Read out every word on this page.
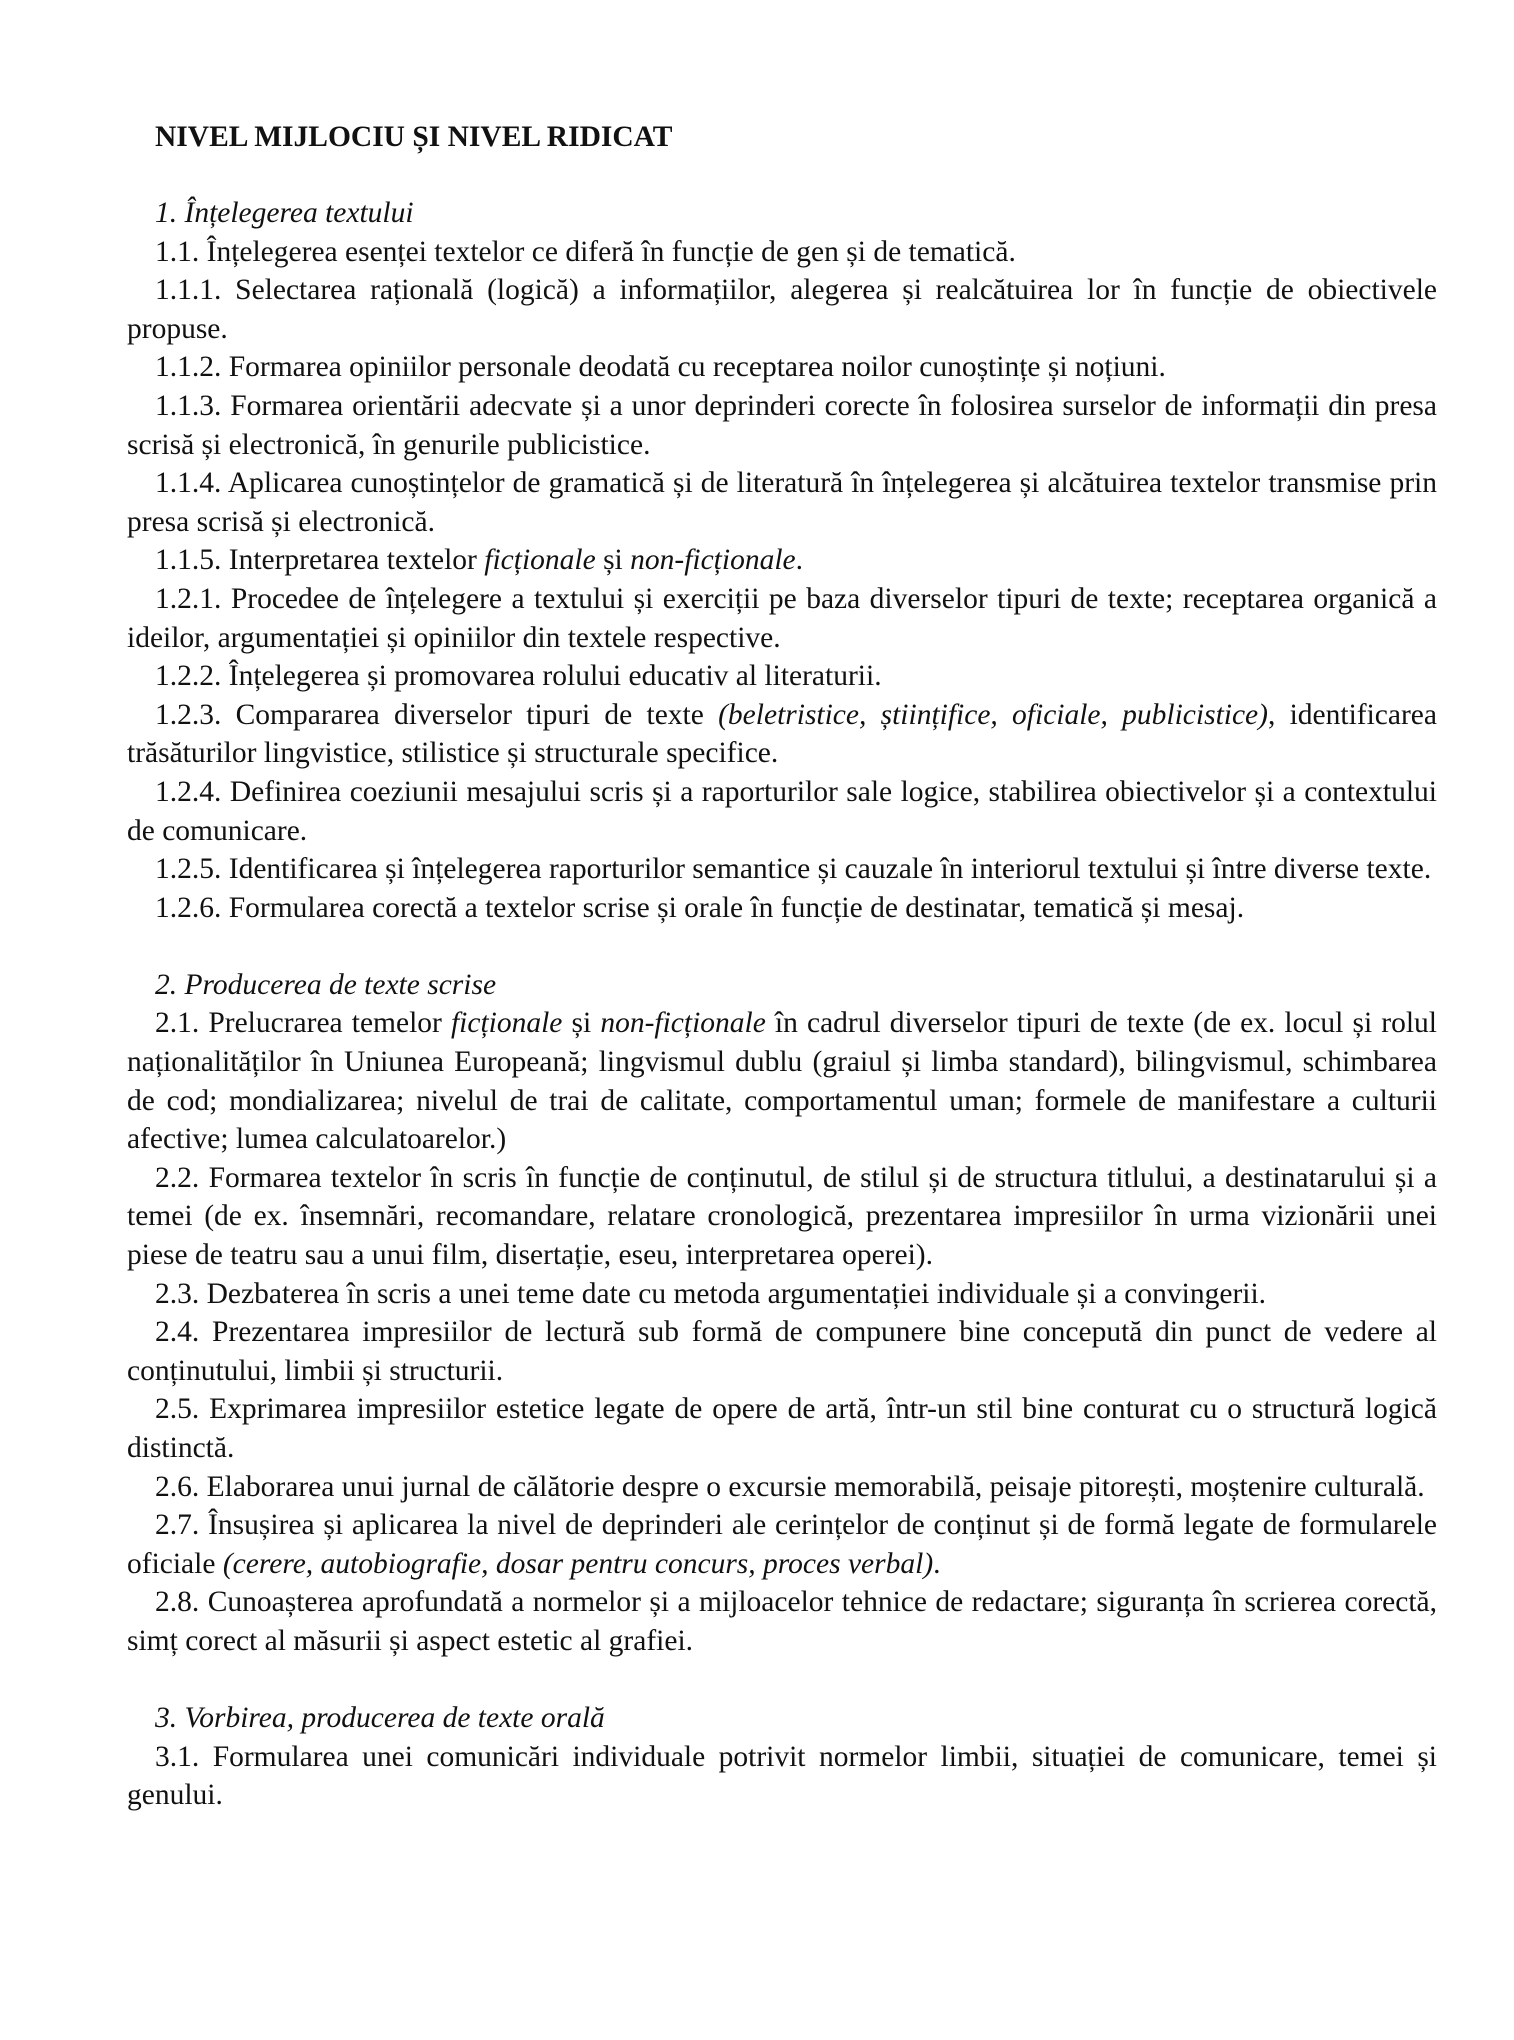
NIVEL MIJLOCIU ȘI NIVEL RIDICAT

1. Înțelegerea textului

1.1. Înțelegerea esenței textelor ce diferă în funcție de gen și de tematică.

1.1.1. Selectarea rațională (logică) a informațiilor, alegerea și realcătuirea lor în funcție de obiectivele propuse.

1.1.2. Formarea opiniilor personale deodată cu receptarea noilor cunoștințe și noțiuni.

1.1.3. Formarea orientării adecvate și a unor deprinderi corecte în folosirea surselor de informații din presa scrisă și electronică, în genurile publicistice.

1.1.4. Aplicarea cunoștințelor de gramatică și de literatură în înțelegerea și alcătuirea textelor transmise prin presa scrisă și electronică.

1.1.5. Interpretarea textelor ficționale și non-ficționale.

1.2.1. Procedee de înțelegere a textului și exerciții pe baza diverselor tipuri de texte; receptarea organică a ideilor, argumentației și opiniilor din textele respective.

1.2.2. Înțelegerea și promovarea rolului educativ al literaturii.

1.2.3. Compararea diverselor tipuri de texte (beletristice, științifice, oficiale, publicistice), identificarea trăsăturilor lingvistice, stilistice și structurale specifice.

1.2.4. Definirea coeziunii mesajului scris și a raporturilor sale logice, stabilirea obiectivelor și a contextului de comunicare.

1.2.5. Identificarea și înțelegerea raporturilor semantice și cauzale în interiorul textului și între diverse texte.

1.2.6. Formularea corectă a textelor scrise și orale în funcție de destinatar, tematică și mesaj.

2. Producerea de texte scrise

2.1. Prelucrarea temelor ficționale și non-ficționale în cadrul diverselor tipuri de texte (de ex. locul și rolul naționalităților în Uniunea Europeană; lingvismul dublu (graiul și limba standard), bilingvismul, schimbarea de cod; mondializarea; nivelul de trai de calitate, comportamentul uman; formele de manifestare a culturii afective; lumea calculatoarelor.)

2.2. Formarea textelor în scris în funcție de conținutul, de stilul și de structura titlului, a destinatarului și a temei (de ex. însemnări, recomandare, relatare cronologică, prezentarea impresiilor în urma vizionării unei piese de teatru sau a unui film, disertație, eseu, interpretarea operei).

2.3. Dezbaterea în scris a unei teme date cu metoda argumentației individuale și a convingerii.

2.4. Prezentarea impresiilor de lectură sub formă de compunere bine concepută din punct de vedere al conținutului, limbii și structurii.

2.5. Exprimarea impresiilor estetice legate de opere de artă, într-un stil bine conturat cu o structură logică distinctă.

2.6. Elaborarea unui jurnal de călătorie despre o excursie memorabilă, peisaje pitorești, moștenire culturală.

2.7. Însușirea și aplicarea la nivel de deprinderi ale cerințelor de conținut și de formă legate de formularele oficiale (cerere, autobiografie, dosar pentru concurs, proces verbal).

2.8. Cunoașterea aprofundată a normelor și a mijloacelor tehnice de redactare; siguranța în scrierea corectă, simț corect al măsurii și aspect estetic al grafiei.

3. Vorbirea, producerea de texte orală

3.1. Formularea unei comunicări individuale potrivit normelor limbii, situației de comunicare, temei și genului.
